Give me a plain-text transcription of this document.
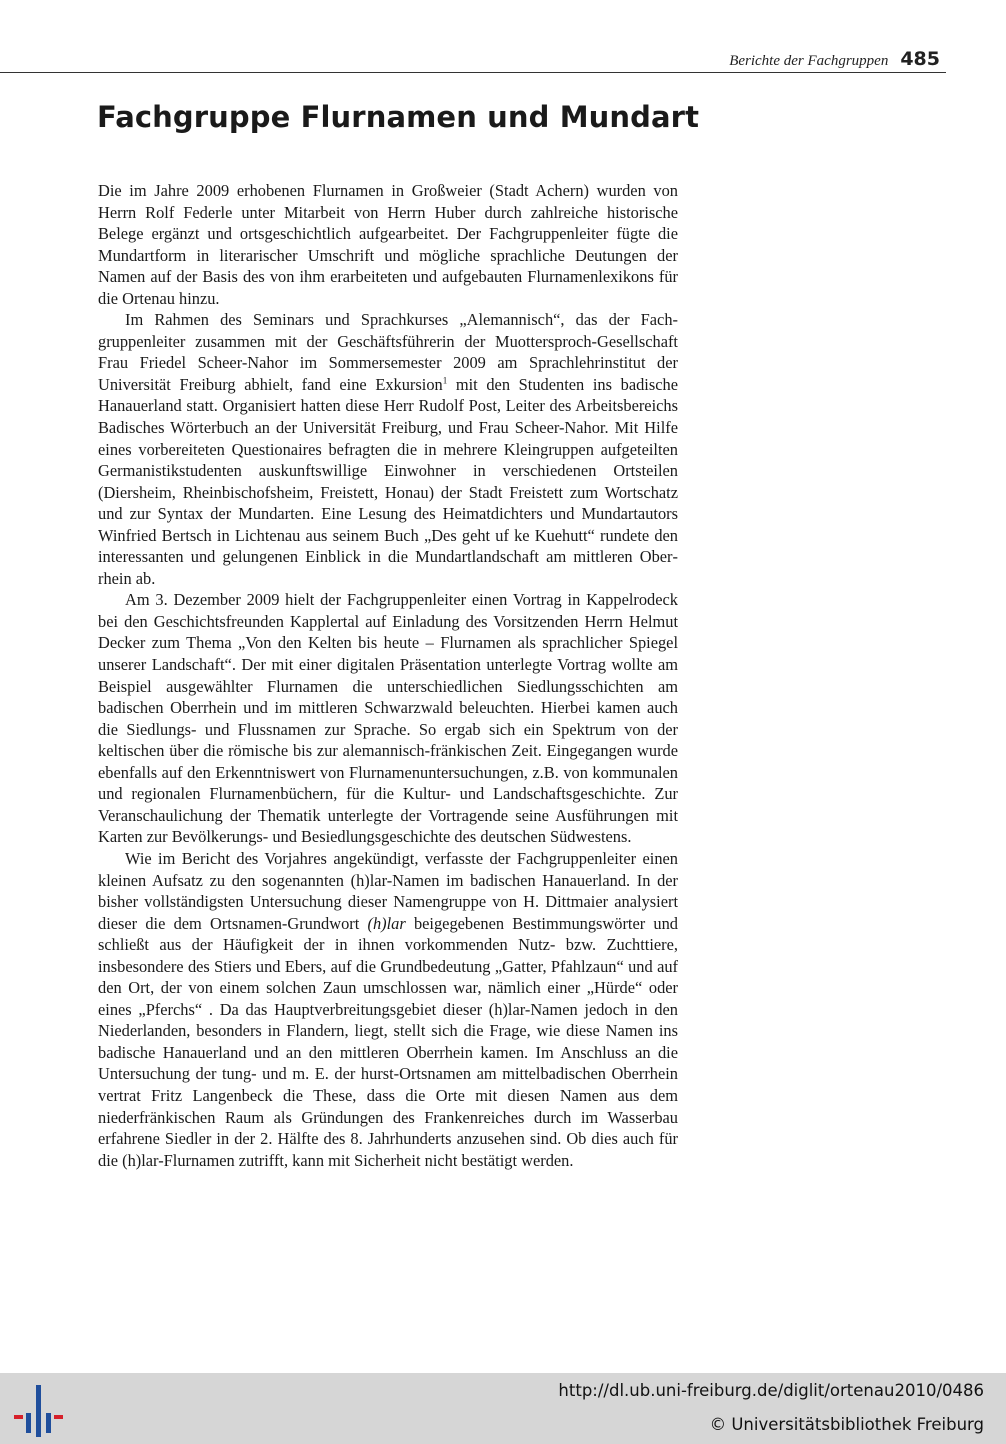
Berichte der Fachgruppen 485
Fachgruppe Flurnamen und Mundart

Die im Jahre 2009 erhobenen Flurnamen in Großweier (Stadt Achern) wurden von Herrn Rolf Federle unter Mitarbeit von Herrn Huber durch zahlreiche historische Belege ergänzt und ortsgeschichtlich aufgearbeitet. Der Fachgruppenleiter fügte die Mundartform in literarischer Umschrift und mögliche sprachliche Deutungen der Namen auf der Basis des von ihm erarbeiteten und aufgebauten Flurnamenlexikons für die Ortenau hinzu.

Im Rahmen des Seminars und Sprachkurses „Alemannisch“, das der Fachgruppenleiter zusammen mit der Geschäftsführerin der Muottersproch-Gesellschaft Frau Friedel Scheer-Nahor im Sommersemester 2009 am Sprachlehrinstitut der Universität Freiburg abhielt, fand eine Exkursion$^1$ mit den Studenten ins badische Hanauerland statt. Organisiert hatten diese Herr Rudolf Post, Leiter des Arbeitsbereichs Badisches Wörterbuch an der Universität Freiburg, und Frau Scheer-Nahor. Mit Hilfe eines vorbereiteten Questionaires befragten die in mehrere Kleingruppen aufgeteilten Germanistikstudenten auskunftswillige Einwohner in verschiedenen Ortsteilen (Diersheim, Rheinbischofsheim, Freistett, Honau) der Stadt Freistett zum Wortschatz und zur Syntax der Mundarten. Eine Lesung des Heimatdichters und Mundartautors Winfried Bertsch in Lichtenau aus seinem Buch „Des geht uf ke Kuehutt“ rundete den interessanten und gelungenen Einblick in die Mundartlandschaft am mittleren Oberrhein ab.

Am 3. Dezember 2009 hielt der Fachgruppenleiter einen Vortrag in Kappelrodeck bei den Geschichtsfreunden Kapplertal auf Einladung des Vorsitzenden Herrn Helmut Decker zum Thema „Von den Kelten bis heute – Flurnamen als sprachlicher Spiegel unserer Landschaft“. Der mit einer digitalen Präsentation unterlegte Vortrag wollte am Beispiel ausgewählter Flurnamen die unterschiedlichen Siedlungsschichten am badischen Oberrhein und im mittleren Schwarzwald beleuchten. Hierbei kamen auch die Siedlungs- und Flussnamen zur Sprache. So ergab sich ein Spektrum von der keltischen über die römische bis zur alemannisch-fränkischen Zeit. Eingegangen wurde ebenfalls auf den Erkenntniswert von Flurnamenuntersuchungen, z.B. von kommunalen und regionalen Flurnamenbüchern, für die Kultur- und Landschaftsgeschichte. Zur Veranschaulichung der Thematik unterlegte der Vortragende seine Ausführungen mit Karten zur Bevölkerungs- und Besiedlungsgeschichte des deutschen Südwestens.

Wie im Bericht des Vorjahres angekündigt, verfasste der Fachgruppenleiter einen kleinen Aufsatz zu den sogenannten (h)lar-Namen im badischen Hanauerland. In der bisher vollständigsten Untersuchung dieser Namengruppe von H. Dittmaier analysiert dieser die dem Ortsnamen-Grundwort (h)lar beigegebenen Bestimmungswörter und schließt aus der Häufigkeit der in ihnen vorkommenden Nutz- bzw. Zuchttiere, insbesondere des Stiers und Ebers, auf die Grundbedeutung „Gatter, Pfahlzaun“ und auf den Ort, der von einem solchen Zaun umschlossen war, nämlich einer „Hürde“ oder eines „Pferchs“ . Da das Hauptverbreitungsgebiet dieser (h)lar-Namen jedoch in den Niederlanden, besonders in Flandern, liegt, stellt sich die Frage, wie diese Namen ins badische Hanauerland und an den mittleren Oberrhein kamen. Im Anschluss an die Untersuchung der tung- und m. E. der hurst-Ortsnamen am mittelbadischen Oberrhein vertrat Fritz Langenbeck die These, dass die Orte mit diesen Namen aus dem niederfränkischen Raum als Gründungen des Frankenreiches durch im Wasserbau erfahrene Siedler in der 2. Hälfte des 8. Jahrhunderts anzusehen sind. Ob dies auch für die (h)lar-Flurnamen zutrifft, kann mit Sicherheit nicht bestätigt werden.

http://dl.ub.uni-freiburg.de/diglit/ortenau2010/0486
© Universitätsbibliothek Freiburg
